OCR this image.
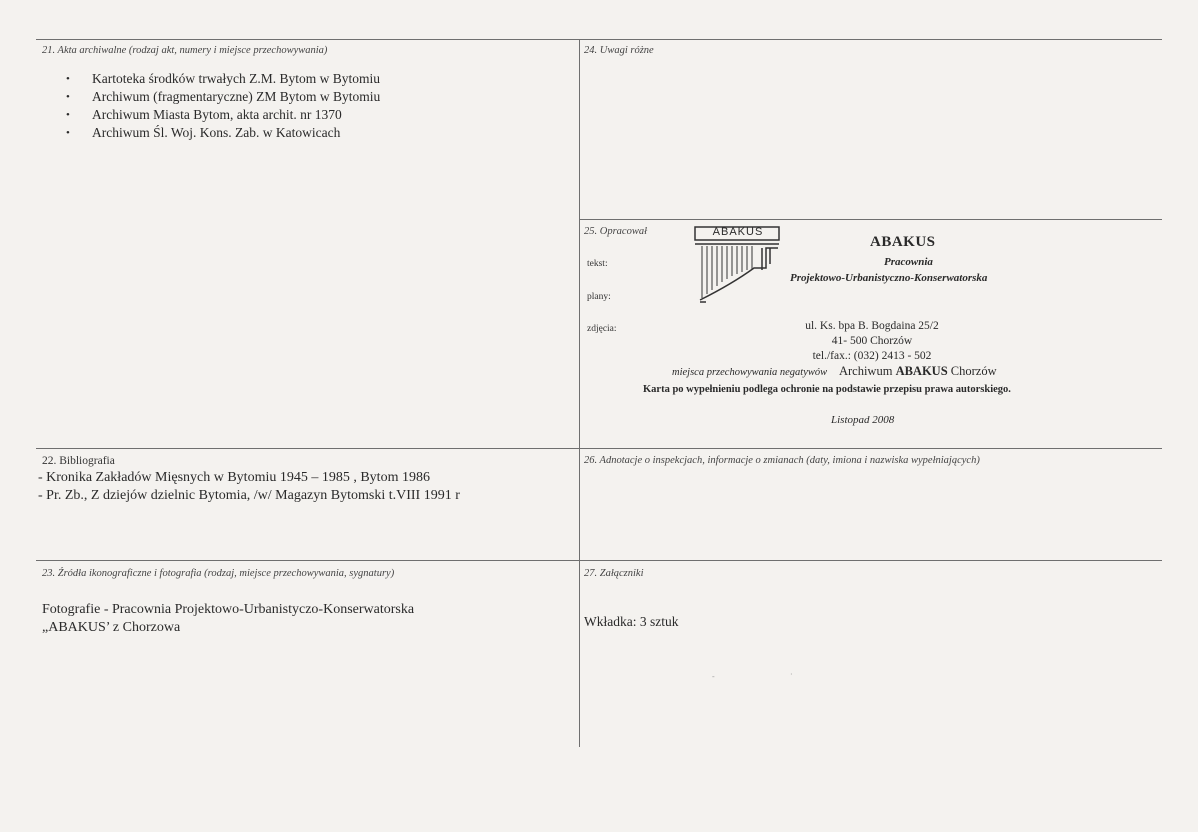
21. Akta archiwalne (rodzaj akt, numery i miejsce przechowywania)
• Kartoteka środków trwałych Z.M. Bytom w Bytomiu
• Archiwum (fragmentaryczne) ZM Bytom w Bytomiu
• Archiwum Miasta Bytom, akta archit. nr 1370
• Archiwum Śl. Woj. Kons. Zab. w Katowicach
24. Uwagi różne
25. Opracował
tekst:
plany:
zdjęcia:
ABAKUS
ABAKUS
Pracownia
Projektowo-Urbanistyczno-Konserwatorska
ul. Ks. bpa B. Bogdaina 25/2
41- 500 Chorzów
tel./fax.: (032) 2413 - 502
miejsca przechowywania negatywów Archiwum ABAKUS Chorzów
Karta po wypełnieniu podlega ochronie na podstawie przepisu prawa autorskiego.
Listopad 2008
22. Bibliografia
- Kronika Zakładów Mięsnych w Bytomiu 1945 – 1985 , Bytom 1986
- Pr. Zb., Z dziejów dzielnic Bytomia, /w/ Magazyn Bytomski t.VIII 1991 r
26. Adnotacje o inspekcjach, informacje o zmianach (daty, imiona i nazwiska wypełniających)
23. Źródła ikonograficzne i fotografia (rodzaj, miejsce przechowywania, sygnatury)
Fotografie - Pracownia Projektowo-Urbanistyczo-Konserwatorska
„ABAKUS’ z Chorzowa
27. Załączniki
Wkładka: 3 sztuk
-	·
